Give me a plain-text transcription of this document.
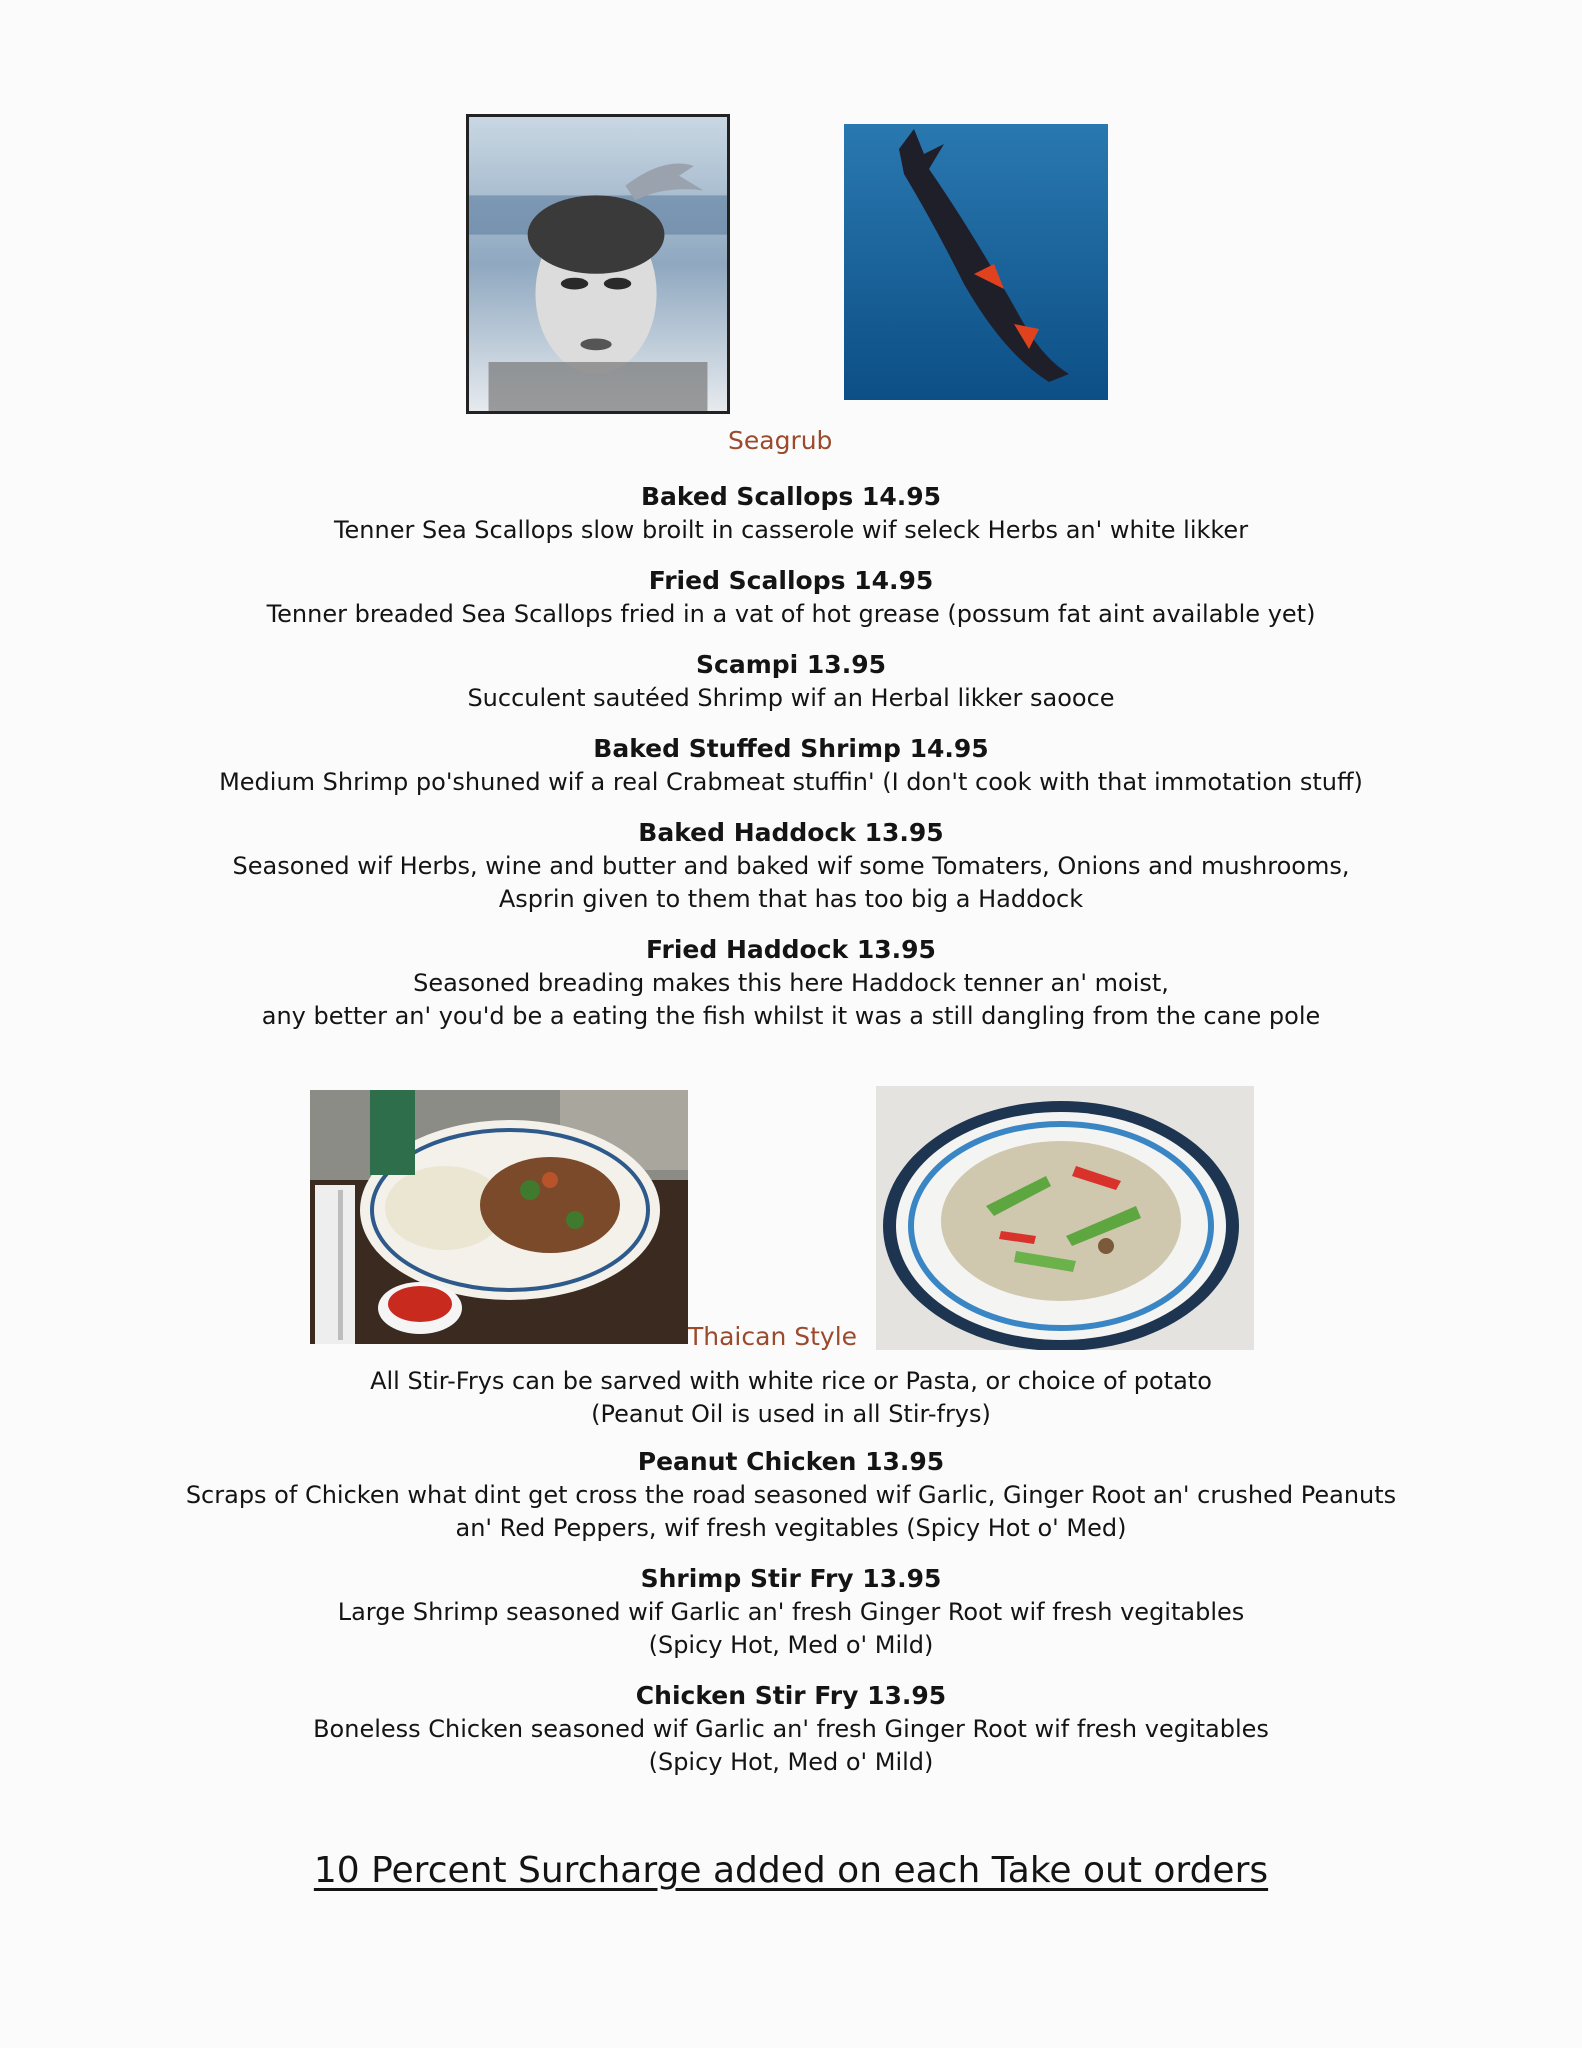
Seagrub
Baked Scallops 14.95
Tenner Sea Scallops slow broilt in casserole wif seleck Herbs an' white likker
Fried Scallops 14.95
Tenner breaded Sea Scallops fried in a vat of hot grease (possum fat aint available yet)
Scampi 13.95
Succulent sautéed Shrimp wif an Herbal likker saooce
Baked Stuffed Shrimp 14.95
Medium Shrimp po'shuned wif a real Crabmeat stuffin' (I don't cook with that immotation stuff)
Baked Haddock 13.95
Seasoned wif Herbs, wine and butter and baked wif some Tomaters, Onions and mushrooms,
Asprin given to them that has too big a Haddock
Fried Haddock 13.95
Seasoned breading makes this here Haddock tenner an' moist,
any better an' you'd be a eating the fish whilst it was a still dangling from the cane pole
Thaican Style
All Stir-Frys can be sarved with white rice or Pasta, or choice of potato
(Peanut Oil is used in all Stir-frys)
Peanut Chicken 13.95
Scraps of Chicken what dint get cross the road seasoned wif Garlic, Ginger Root an' crushed Peanuts
an' Red Peppers, wif fresh vegitables (Spicy Hot o' Med)
Shrimp Stir Fry 13.95
Large Shrimp seasoned wif Garlic an' fresh Ginger Root wif fresh vegitables
(Spicy Hot, Med o' Mild)
Chicken Stir Fry 13.95
Boneless Chicken seasoned wif Garlic an' fresh Ginger Root wif fresh vegitables
(Spicy Hot, Med o' Mild)
10 Percent Surcharge added on each Take out orders
